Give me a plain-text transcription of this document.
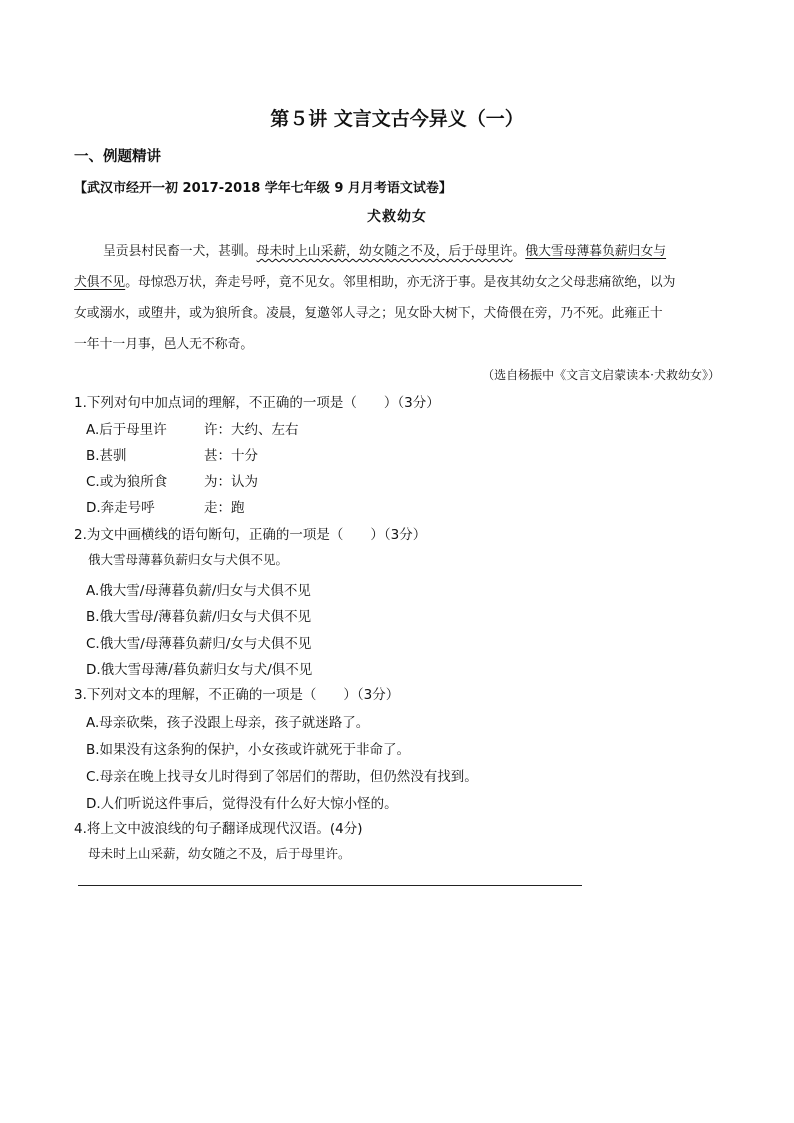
第５讲 文言文古今异义（一）
一、例题精讲
【武汉市经开一初 2017-2018 学年七年级 9 月月考语文试卷】
犬救幼女
呈贡县村民畜一犬，甚驯。母未时上山采薪，幼女随之不及，后于母里许。俄大雪母薄暮负薪归女与
犬俱不见。母惊恐万状，奔走号呼，竟不见女。邻里相助，亦无济于事。是夜其幼女之父母悲痛欲绝，以为
女或溺水，或堕井，或为狼所食。凌晨，复邀邻人寻之；见女卧大树下，犬倚偎在旁，乃不死。此雍正十
一年十一月事，邑人无不称奇。
（选自杨振中《文言文启蒙读本·犬救幼女》）
1.下列对句中加点词的理解，不正确的一项是（　　）（3分）
A.后于母里许	许：大约、左右
B.甚驯	甚：十分
C.或为狼所食	为：认为
D.奔走号呼	走：跑
2.为文中画横线的语句断句，正确的一项是（　　）（3分）
俄大雪母薄暮负薪归女与犬俱不见。
A.俄大雪/母薄暮负薪/归女与犬俱不见
B.俄大雪母/薄暮负薪/归女与犬俱不见
C.俄大雪/母薄暮负薪归/女与犬俱不见
D.俄大雪母薄/暮负薪归女与犬/俱不见
3.下列对文本的理解，不正确的一项是（　　）（3分）
A.母亲砍柴，孩子没跟上母亲，孩子就迷路了。
B.如果没有这条狗的保护，小女孩或许就死于非命了。
C.母亲在晚上找寻女儿时得到了邻居们的帮助，但仍然没有找到。
D.人们听说这件事后，觉得没有什么好大惊小怪的。
4.将上文中波浪线的句子翻译成现代汉语。(4分)
母未时上山采薪，幼女随之不及，后于母里许。
